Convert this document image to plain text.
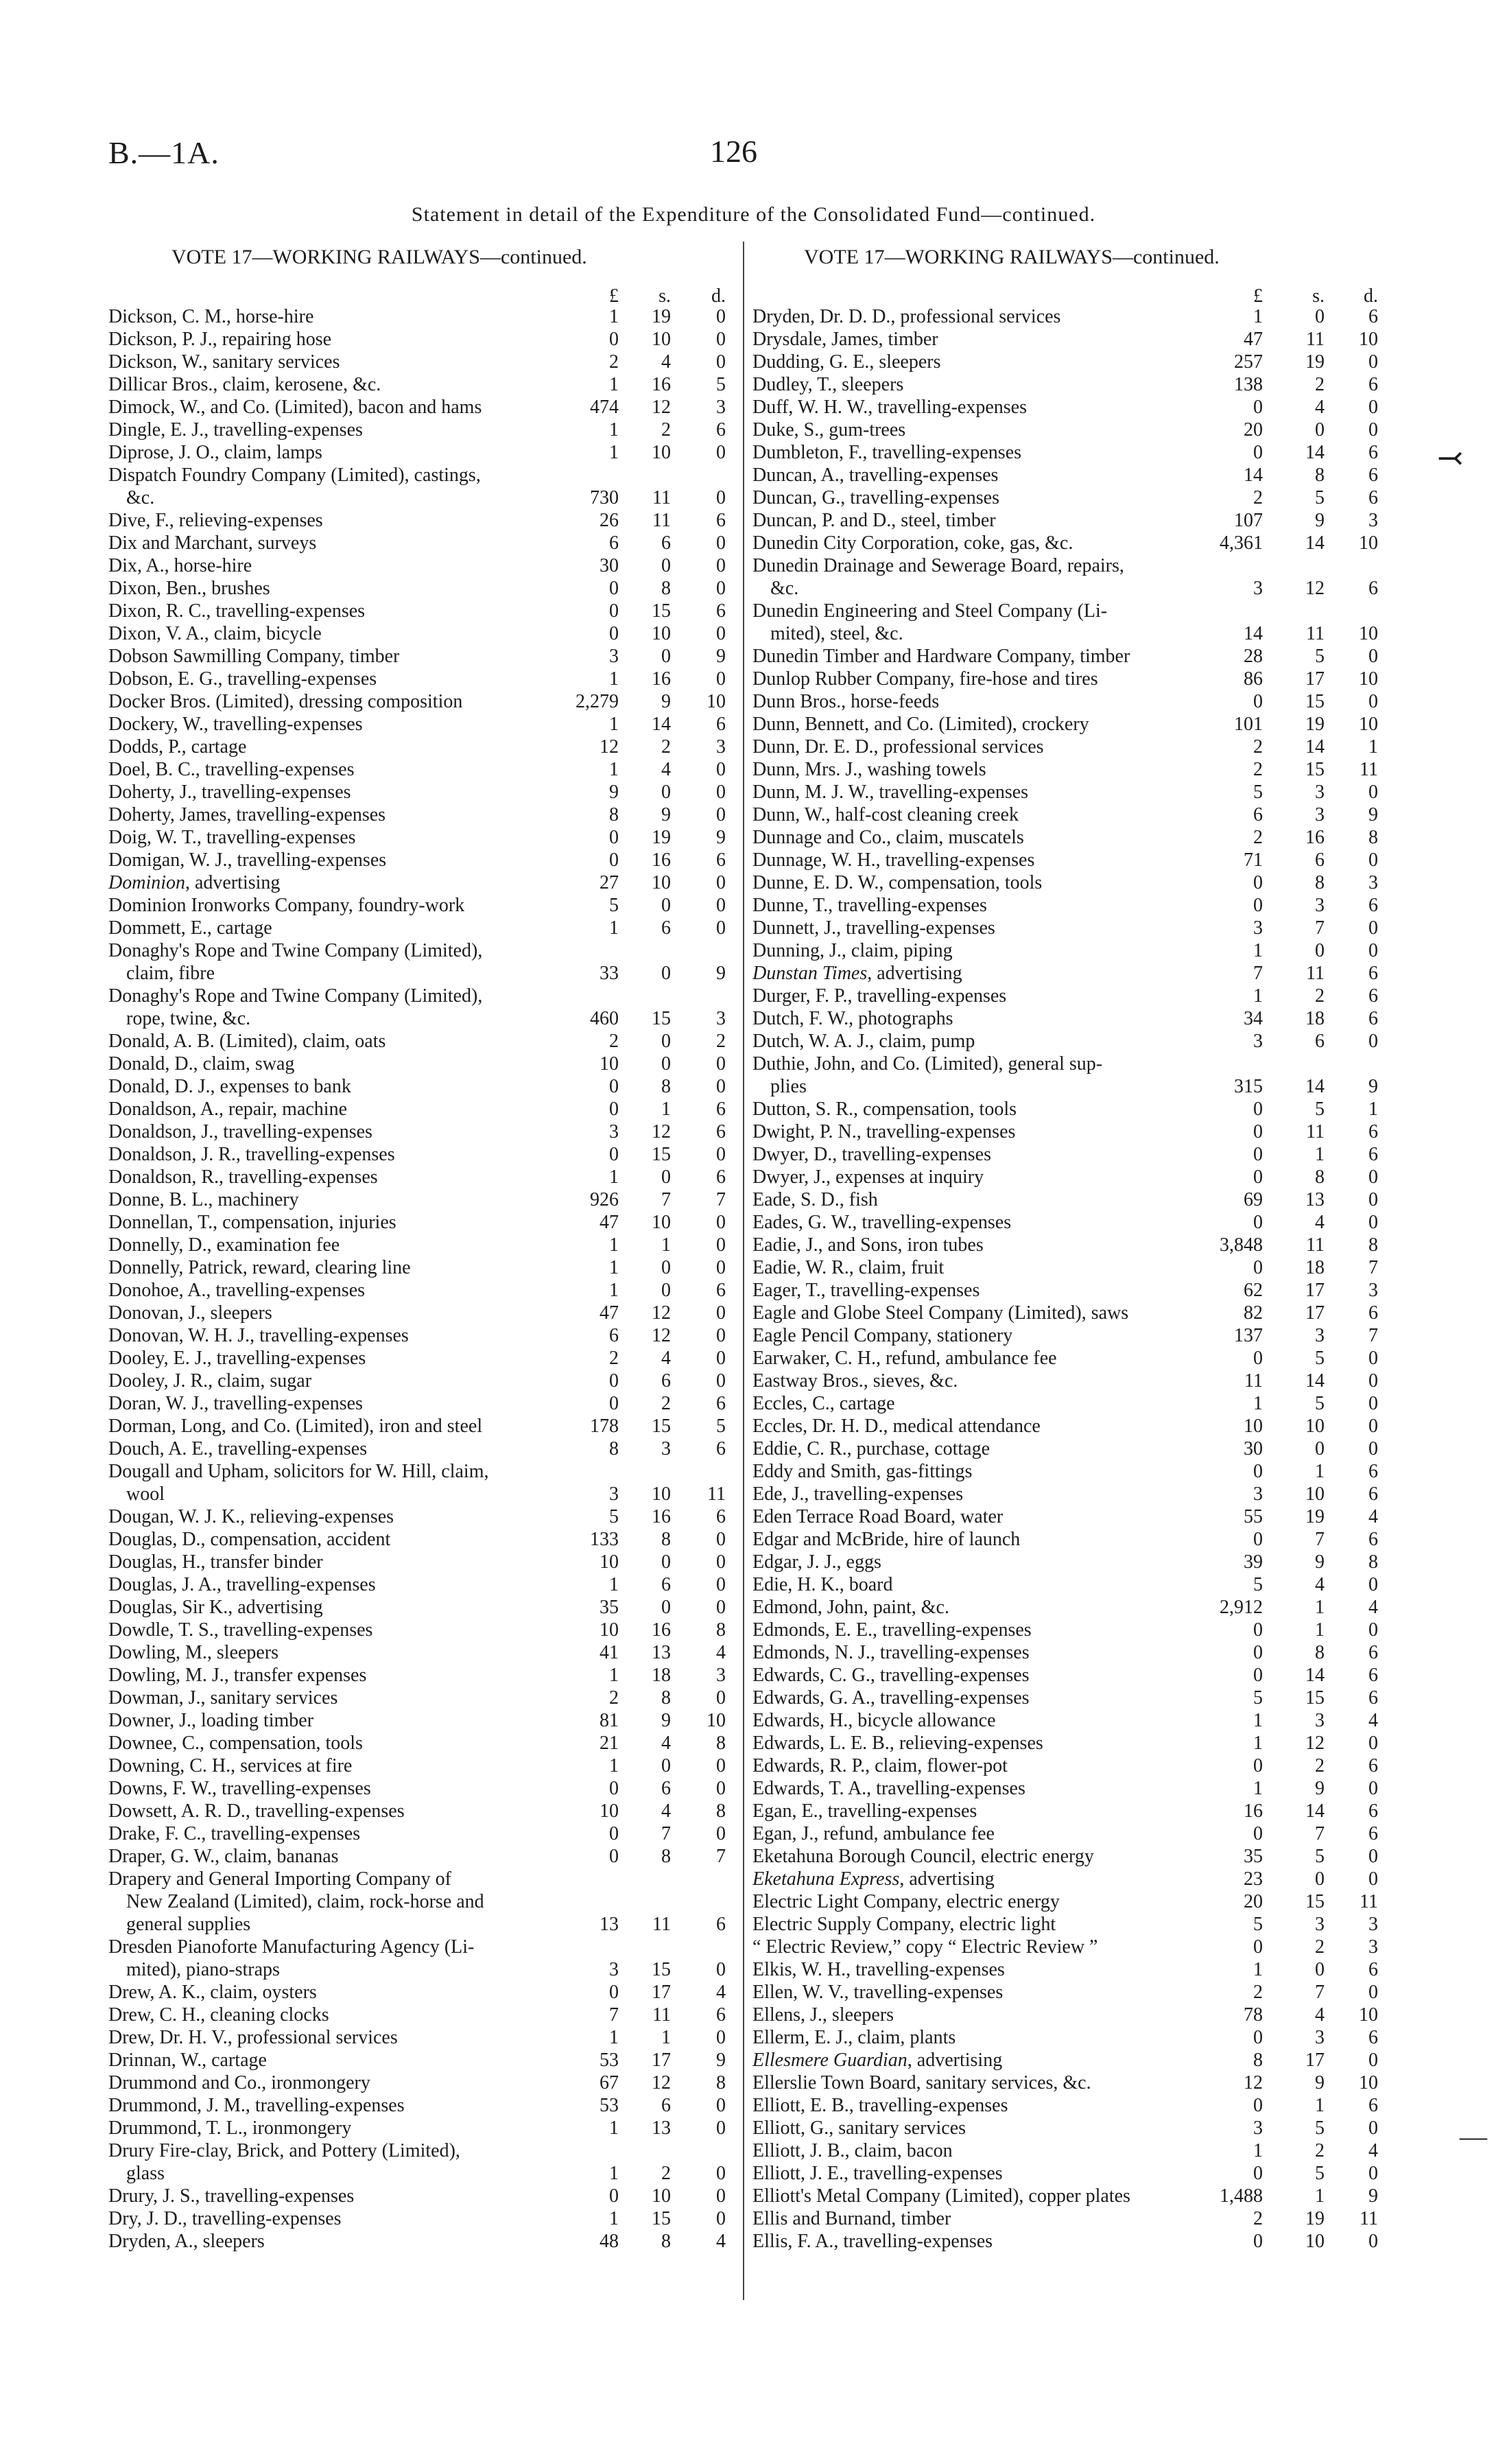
B.—1A.	126
Statement in detail of the Expenditure of the Consolidated Fund—continued.
VOTE 17—WORKING RAILWAYS—continued.	VOTE 17—WORKING RAILWAYS—continued.
£	s.	d.
Dickson, C. M., horse-hire	1	19	0
Dickson, P. J., repairing hose	0	10	0
Dickson, W., sanitary services	2	4	0
Dillicar Bros., claim, kerosene, &c.	1	16	5
Dimock, W., and Co. (Limited), bacon and hams	474	12	3
Dingle, E. J., travelling-expenses	1	2	6
Diprose, J. O., claim, lamps	1	10	0
Dispatch Foundry Company (Limited), castings,
&c.	730	11	0
Dive, F., relieving-expenses	26	11	6
Dix and Marchant, surveys	6	6	0
Dix, A., horse-hire	30	0	0
Dixon, Ben., brushes	0	8	0
Dixon, R. C., travelling-expenses	0	15	6
Dixon, V. A., claim, bicycle	0	10	0
Dobson Sawmilling Company, timber	3	0	9
Dobson, E. G., travelling-expenses	1	16	0
Docker Bros. (Limited), dressing composition	2,279	9	10
Dockery, W., travelling-expenses	1	14	6
Dodds, P., cartage	12	2	3
Doel, B. C., travelling-expenses	1	4	0
Doherty, J., travelling-expenses	9	0	0
Doherty, James, travelling-expenses	8	9	0
Doig, W. T., travelling-expenses	0	19	9
Domigan, W. J., travelling-expenses	0	16	6
Dominion, advertising	27	10	0
Dominion Ironworks Company, foundry-work	5	0	0
Dommett, E., cartage	1	6	0
Donaghy's Rope and Twine Company (Limited),
claim, fibre	33	0	9
Donaghy's Rope and Twine Company (Limited),
rope, twine, &c.	460	15	3
Donald, A. B. (Limited), claim, oats	2	0	2
Donald, D., claim, swag	10	0	0
Donald, D. J., expenses to bank	0	8	0
Donaldson, A., repair, machine	0	1	6
Donaldson, J., travelling-expenses	3	12	6
Donaldson, J. R., travelling-expenses	0	15	0
Donaldson, R., travelling-expenses	1	0	6
Donne, B. L., machinery	926	7	7
Donnellan, T., compensation, injuries	47	10	0
Donnelly, D., examination fee	1	1	0
Donnelly, Patrick, reward, clearing line	1	0	0
Donohoe, A., travelling-expenses	1	0	6
Donovan, J., sleepers	47	12	0
Donovan, W. H. J., travelling-expenses	6	12	0
Dooley, E. J., travelling-expenses	2	4	0
Dooley, J. R., claim, sugar	0	6	0
Doran, W. J., travelling-expenses	0	2	6
Dorman, Long, and Co. (Limited), iron and steel	178	15	5
Douch, A. E., travelling-expenses	8	3	6
Dougall and Upham, solicitors for W. Hill, claim,
wool	3	10	11
Dougan, W. J. K., relieving-expenses	5	16	6
Douglas, D., compensation, accident	133	8	0
Douglas, H., transfer binder	10	0	0
Douglas, J. A., travelling-expenses	1	6	0
Douglas, Sir K., advertising	35	0	0
Dowdle, T. S., travelling-expenses	10	16	8
Dowling, M., sleepers	41	13	4
Dowling, M. J., transfer expenses	1	18	3
Dowman, J., sanitary services	2	8	0
Downer, J., loading timber	81	9	10
Downee, C., compensation, tools	21	4	8
Downing, C. H., services at fire	1	0	0
Downs, F. W., travelling-expenses	0	6	0
Dowsett, A. R. D., travelling-expenses	10	4	8
Drake, F. C., travelling-expenses	0	7	0
Draper, G. W., claim, bananas	0	8	7
Drapery and General Importing Company of
New Zealand (Limited), claim, rock-horse and
general supplies	13	11	6
Dresden Pianoforte Manufacturing Agency (Li-
mited), piano-straps	3	15	0
Drew, A. K., claim, oysters	0	17	4
Drew, C. H., cleaning clocks	7	11	6
Drew, Dr. H. V., professional services	1	1	0
Drinnan, W., cartage	53	17	9
Drummond and Co., ironmongery	67	12	8
Drummond, J. M., travelling-expenses	53	6	0
Drummond, T. L., ironmongery	1	13	0
Drury Fire-clay, Brick, and Pottery (Limited),
glass	1	2	0
Drury, J. S., travelling-expenses	0	10	0
Dry, J. D., travelling-expenses	1	15	0
Dryden, A., sleepers	48	8	4
£	s.	d.
Dryden, Dr. D. D., professional services	1	0	6
Drysdale, James, timber	47	11	10
Dudding, G. E., sleepers	257	19	0
Dudley, T., sleepers	138	2	6
Duff, W. H. W., travelling-expenses	0	4	0
Duke, S., gum-trees	20	0	0
Dumbleton, F., travelling-expenses	0	14	6
Duncan, A., travelling-expenses	14	8	6
Duncan, G., travelling-expenses	2	5	6
Duncan, P. and D., steel, timber	107	9	3
Dunedin City Corporation, coke, gas, &c.	4,361	14	10
Dunedin Drainage and Sewerage Board, repairs,
&c.	3	12	6
Dunedin Engineering and Steel Company (Li-
mited), steel, &c.	14	11	10
Dunedin Timber and Hardware Company, timber	28	5	0
Dunlop Rubber Company, fire-hose and tires	86	17	10
Dunn Bros., horse-feeds	0	15	0
Dunn, Bennett, and Co. (Limited), crockery	101	19	10
Dunn, Dr. E. D., professional services	2	14	1
Dunn, Mrs. J., washing towels	2	15	11
Dunn, M. J. W., travelling-expenses	5	3	0
Dunn, W., half-cost cleaning creek	6	3	9
Dunnage and Co., claim, muscatels	2	16	8
Dunnage, W. H., travelling-expenses	71	6	0
Dunne, E. D. W., compensation, tools	0	8	3
Dunne, T., travelling-expenses	0	3	6
Dunnett, J., travelling-expenses	3	7	0
Dunning, J., claim, piping	1	0	0
Dunstan Times, advertising	7	11	6
Durger, F. P., travelling-expenses	1	2	6
Dutch, F. W., photographs	34	18	6
Dutch, W. A. J., claim, pump	3	6	0
Duthie, John, and Co. (Limited), general sup-
plies	315	14	9
Dutton, S. R., compensation, tools	0	5	1
Dwight, P. N., travelling-expenses	0	11	6
Dwyer, D., travelling-expenses	0	1	6
Dwyer, J., expenses at inquiry	0	8	0
Eade, S. D., fish	69	13	0
Eades, G. W., travelling-expenses	0	4	0
Eadie, J., and Sons, iron tubes	3,848	11	8
Eadie, W. R., claim, fruit	0	18	7
Eager, T., travelling-expenses	62	17	3
Eagle and Globe Steel Company (Limited), saws	82	17	6
Eagle Pencil Company, stationery	137	3	7
Earwaker, C. H., refund, ambulance fee	0	5	0
Eastway Bros., sieves, &c.	11	14	0
Eccles, C., cartage	1	5	0
Eccles, Dr. H. D., medical attendance	10	10	0
Eddie, C. R., purchase, cottage	30	0	0
Eddy and Smith, gas-fittings	0	1	6
Ede, J., travelling-expenses	3	10	6
Eden Terrace Road Board, water	55	19	4
Edgar and McBride, hire of launch	0	7	6
Edgar, J. J., eggs	39	9	8
Edie, H. K., board	5	4	0
Edmond, John, paint, &c.	2,912	1	4
Edmonds, E. E., travelling-expenses	0	1	0
Edmonds, N. J., travelling-expenses	0	8	6
Edwards, C. G., travelling-expenses	0	14	6
Edwards, G. A., travelling-expenses	5	15	6
Edwards, H., bicycle allowance	1	3	4
Edwards, L. E. B., relieving-expenses	1	12	0
Edwards, R. P., claim, flower-pot	0	2	6
Edwards, T. A., travelling-expenses	1	9	0
Egan, E., travelling-expenses	16	14	6
Egan, J., refund, ambulance fee	0	7	6
Eketahuna Borough Council, electric energy	35	5	0
Eketahuna Express, advertising	23	0	0
Electric Light Company, electric energy	20	15	11
Electric Supply Company, electric light	5	3	3
“ Electric Review,” copy “ Electric Review ”	0	2	3
Elkis, W. H., travelling-expenses	1	0	6
Ellen, W. V., travelling-expenses	2	7	0
Ellens, J., sleepers	78	4	10
Ellerm, E. J., claim, plants	0	3	6
Ellesmere Guardian, advertising	8	17	0
Ellerslie Town Board, sanitary services, &c.	12	9	10
Elliott, E. B., travelling-expenses	0	1	6
Elliott, G., sanitary services	3	5	0
Elliott, J. B., claim, bacon	1	2	4
Elliott, J. E., travelling-expenses	0	5	0
Elliott's Metal Company (Limited), copper plates	1,488	1	9
Ellis and Burnand, timber	2	19	11
Ellis, F. A., travelling-expenses	0	10	0
⤙
—
